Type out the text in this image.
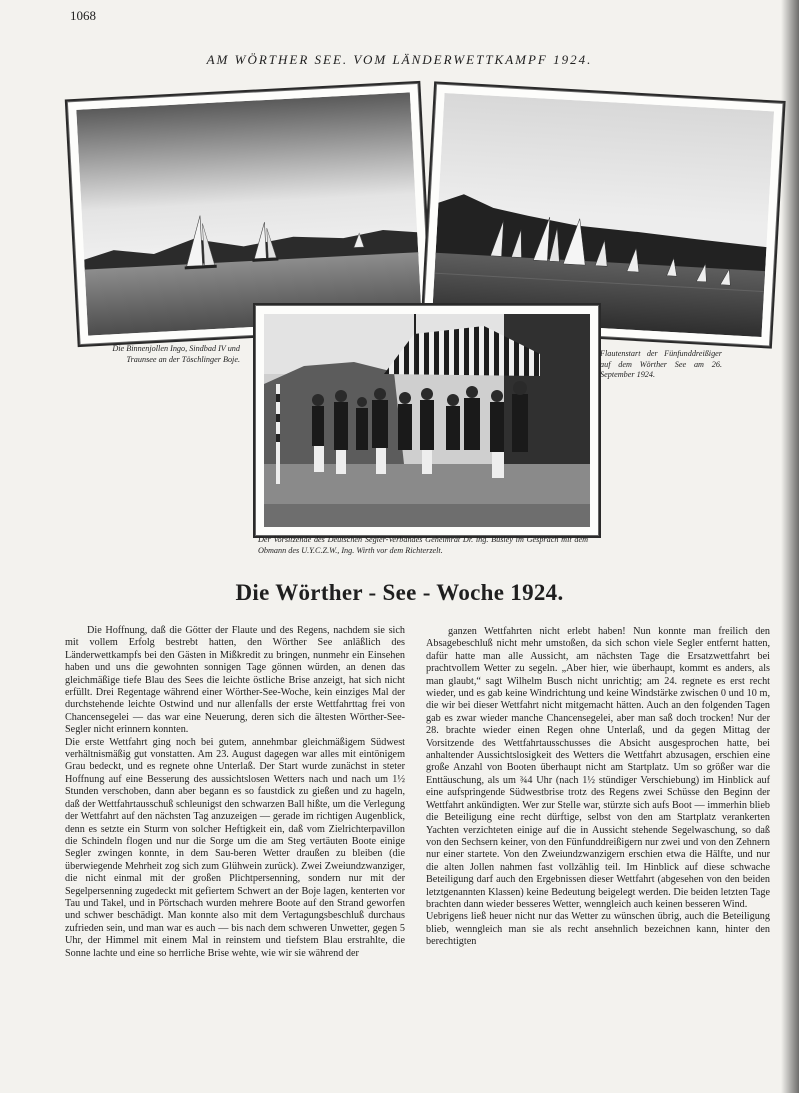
1068
AM WÖRTHER SEE. VOM LÄNDERWETTKAMPF 1924.
Die Binnenjollen Ingo, Sindbad IV und Traunsee an der Töschlinger Boje.
Flautenstart der Fünfunddreißiger auf dem Wörther See am 26. September 1924.
Der Vorsitzende des Deutschen Segler-Verbandes Geheimrat Dr. ing. Busley im Gespräch mit dem Obmann des U.Y.C.Z.W., Ing. Wirth vor dem Richterzelt.
Die Wörther - See - Woche 1924.

Die Hoffnung, daß die Götter der Flaute und des Regens, nachdem sie sich mit vollem Erfolg bestrebt hatten, den Wörther See anläßlich des Länderwettkampfs bei den Gästen in Mißkredit zu bringen, nunmehr ein Einsehen haben und uns die gewohnten sonnigen Tage gönnen würden, an denen das gleichmäßige tiefe Blau des Sees die leichte östliche Brise anzeigt, hat sich nicht erfüllt. Drei Regentage während einer Wörther-See-Woche, kein einziges Mal der durchstehende leichte Ostwind und nur allenfalls der erste Wettfahrttag frei von Chancensegelei — das war eine Neuerung, deren sich die ältesten Wörther-See-Segler nicht erinnern konnten.
Die erste Wettfahrt ging noch bei gutem, annehmbar gleichmäßigem Südwest verhältnismäßig gut vonstatten. Am 23. August dagegen war alles mit eintönigem Grau bedeckt, und es regnete ohne Unterlaß. Der Start wurde zunächst in steter Hoffnung auf eine Besserung des aussichtslosen Wetters nach und nach um 1½ Stunden verschoben, dann aber begann es so faustdick zu gießen und zu hageln, daß der Wettfahrtausschuß schleunigst den schwarzen Ball hißte, um die Verlegung der Wettfahrt auf den nächsten Tag anzuzeigen — gerade im richtigen Augenblick, denn es setzte ein Sturm von solcher Heftigkeit ein, daß vom Zielrichterpavillon die Schindeln flogen und nur die Sorge um die am Steg vertäuten Boote einige Segler zwingen konnte, in dem Sau-beren Wetter draußen zu bleiben (die überwiegende Mehrheit zog sich zum Glühwein zurück). Zwei Zweiundzwanziger, die nicht einmal mit der großen Plichtpersenning, sondern nur mit der Segelpersenning zugedeckt mit gefiertem Schwert an der Boje lagen, kenterten vor Tau und Takel, und in Pörtschach wurden mehrere Boote auf den Strand geworfen und schwer beschädigt. Man konnte also mit dem Vertagungsbeschluß durchaus zufrieden sein, und man war es auch — bis nach dem schweren Unwetter, gegen 5 Uhr, der Himmel mit einem Mal in reinstem und tiefstem Blau erstrahlte, die Sonne lachte und eine so herrliche Brise wehte, wie wir sie während der

ganzen Wettfahrten nicht erlebt haben! Nun konnte man freilich den Absagebeschluß nicht mehr umstoßen, da sich schon viele Segler entfernt hatten, dafür hatte man alle Aussicht, am nächsten Tage die Ersatzwettfahrt bei prachtvollem Wetter zu segeln. „Aber hier, wie überhaupt, kommt es anders, als man glaubt,“ sagt Wilhelm Busch nicht unrichtig; am 24. regnete es erst recht wieder, und es gab keine Windrichtung und keine Windstärke zwischen 0 und 10 m, die wir bei dieser Wettfahrt nicht mitgemacht hätten. Auch an den folgenden Tagen gab es zwar wieder manche Chancensegelei, aber man saß doch trocken! Nur der 28. brachte wieder einen Regen ohne Unterlaß, und da gegen Mittag der Vorsitzende des Wettfahrtausschusses die Absicht ausgesprochen hatte, bei anhaltender Aussichtslosigkeit des Wetters die Wettfahrt abzusagen, erschien eine große Anzahl von Booten überhaupt nicht am Startplatz. Um so größer war die Enttäuschung, als um ¾4 Uhr (nach 1½ stündiger Verschiebung) im Hinblick auf eine aufspringende Südwestbrise trotz des Regens zwei Schüsse den Beginn der Wettfahrt ankündigten. Wer zur Stelle war, stürzte sich aufs Boot — immerhin blieb die Beteiligung eine recht dürftige, selbst von den am Startplatz verankerten Yachten verzichteten einige auf die in Aussicht stehende Segelwaschung, so daß von den Sechsern keiner, von den Fünfunddreißigern nur zwei und von den Zehnern nur einer startete. Von den Zweiundzwanzigern erschien etwa die Hälfte, und nur die alten Jollen nahmen fast vollzählig teil. Im Hinblick auf diese schwache Beteiligung darf auch den Ergebnissen dieser Wettfahrt (abgesehen von den beiden letztgenannten Klassen) keine Bedeutung beigelegt werden. Die beiden letzten Tage brachten dann wieder besseres Wetter, wenngleich auch keinen besseren Wind.
Uebrigens ließ heuer nicht nur das Wetter zu wünschen übrig, auch die Beteiligung blieb, wenngleich man sie als recht ansehnlich bezeichnen kann, hinter den berechtigten
